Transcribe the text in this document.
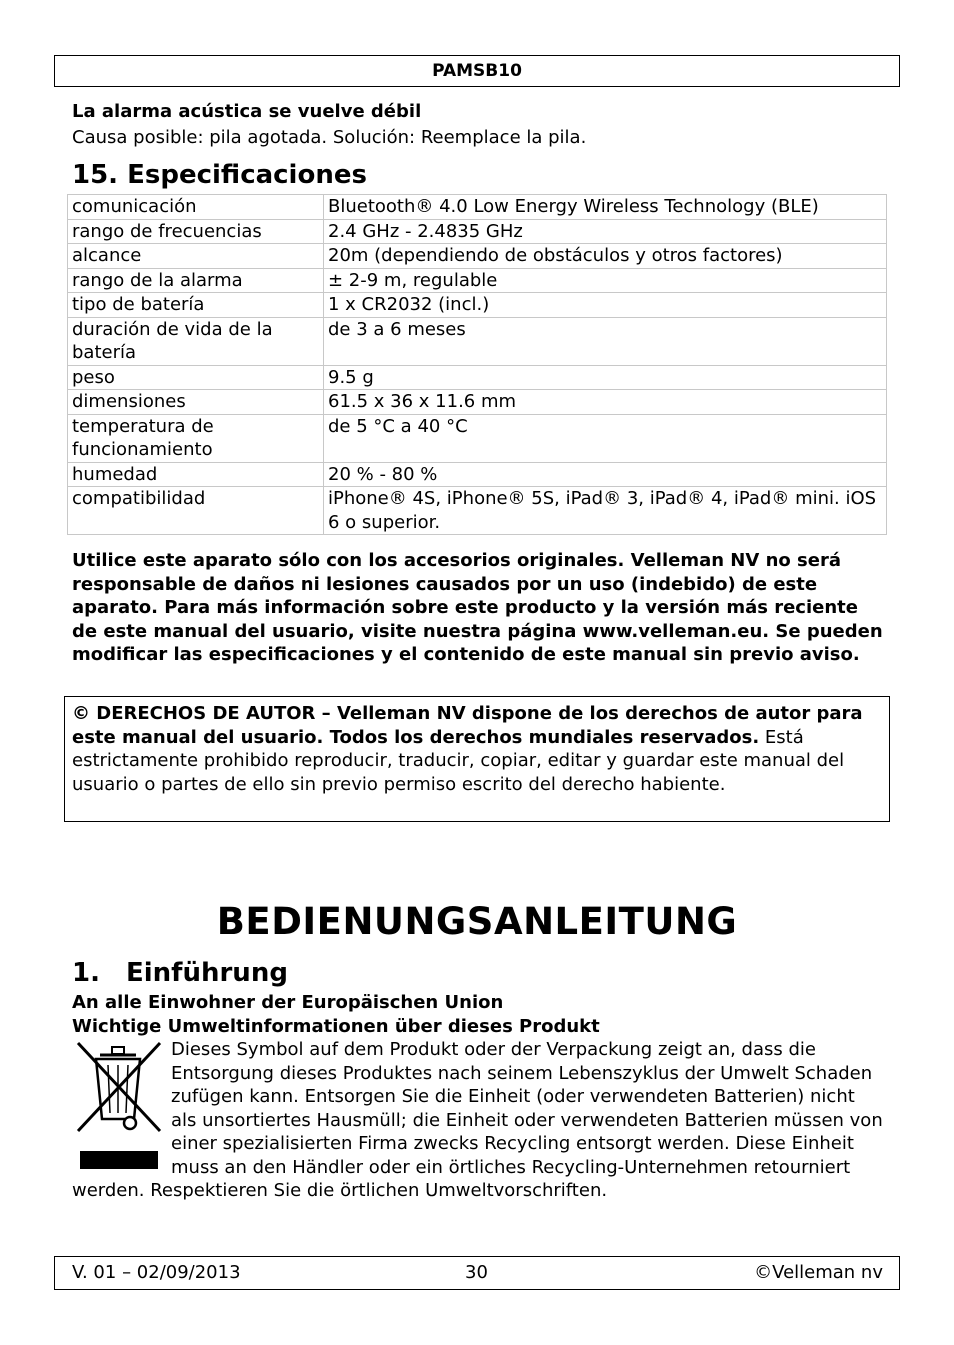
PAMSB10
La alarma acústica se vuelve débil
Causa posible: pila agotada. Solución: Reemplace la pila.
15. Especificaciones
comunicación	Bluetooth® 4.0 Low Energy Wireless Technology (BLE)
rango de frecuencias	2.4 GHz - 2.4835 GHz
alcance	20m (dependiendo de obstáculos y otros factores)
rango de la alarma	± 2-9 m, regulable
tipo de batería	1 x CR2032 (incl.)
duración de vida de la batería	de 3 a 6 meses
peso	9.5 g
dimensiones	61.5 x 36 x 11.6 mm
temperatura de funcionamiento	de 5 °C a 40 °C
humedad	20 % - 80 %
compatibilidad	iPhone® 4S, iPhone® 5S, iPad® 3, iPad® 4, iPad® mini. iOS 6 o superior.
Utilice este aparato sólo con los accesorios originales. Velleman NV no será responsable de daños ni lesiones causados por un uso (indebido) de este aparato. Para más información sobre este producto y la versión más reciente de este manual del usuario, visite nuestra página www.velleman.eu. Se pueden modificar las especificaciones y el contenido de este manual sin previo aviso.
© DERECHOS DE AUTOR – Velleman NV dispone de los derechos de autor para este manual del usuario. Todos los derechos mundiales reservados. Está estrictamente prohibido reproducir, traducir, copiar, editar y guardar este manual del usuario o partes de ello sin previo permiso escrito del derecho habiente.
BEDIENUNGSANLEITUNG
1. Einführung
An alle Einwohner der Europäischen Union
Wichtige Umweltinformationen über dieses Produkt
Dieses Symbol auf dem Produkt oder der Verpackung zeigt an, dass die Entsorgung dieses Produktes nach seinem Lebenszyklus der Umwelt Schaden zufügen kann. Entsorgen Sie die Einheit (oder verwendeten Batterien) nicht als unsortiertes Hausmüll; die Einheit oder verwendeten Batterien müssen von einer spezialisierten Firma zwecks Recycling entsorgt werden. Diese Einheit muss an den Händler oder ein örtliches Recycling-Unternehmen retourniert werden. Respektieren Sie die örtlichen Umweltvorschriften.
V. 01 – 02/09/2013	30	©Velleman nv
